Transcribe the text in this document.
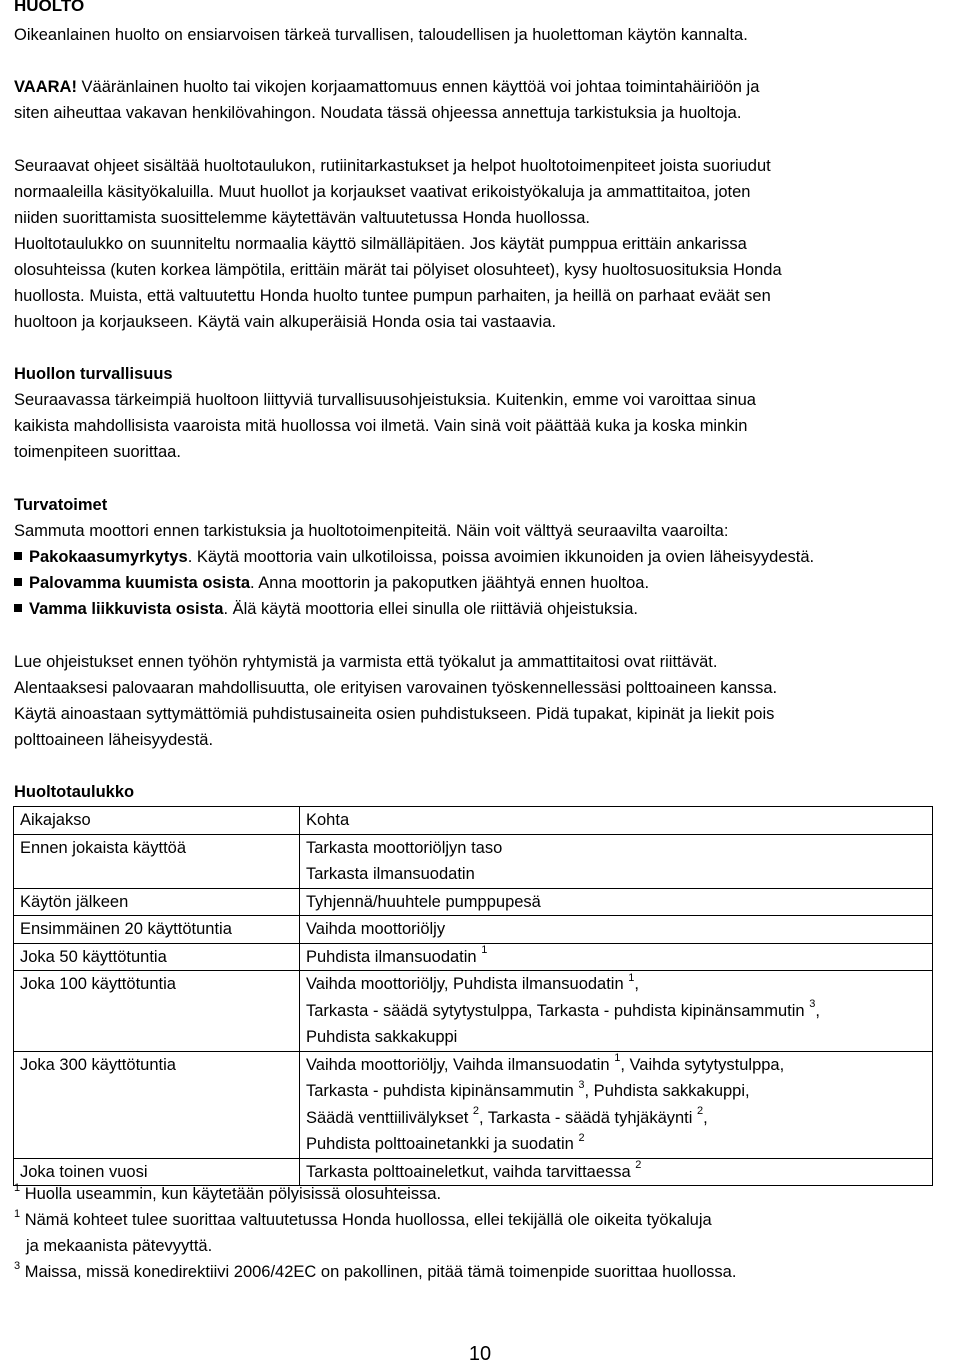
HUOLTO

Oikeanlainen huolto on ensiarvoisen tärkeä turvallisen, taloudellisen ja huolettoman käytön kannalta.

VAARA! Vääränlainen huolto tai vikojen korjaamattomuus ennen käyttöä voi johtaa toimintahäiriöön ja

siten aiheuttaa vakavan henkilövahingon. Noudata tässä ohjeessa annettuja tarkistuksia ja huoltoja.

Seuraavat ohjeet sisältää huoltotaulukon, rutiinitarkastukset ja helpot huoltotoimenpiteet joista suoriudut

normaaleilla käsityökaluilla. Muut huollot ja korjaukset vaativat erikoistyökaluja ja ammattitaitoa, joten

niiden suorittamista suosittelemme käytettävän valtuutetussa Honda huollossa.

Huoltotaulukko on suunniteltu normaalia käyttö silmälläpitäen. Jos käytät pumppua erittäin ankarissa

olosuhteissa (kuten korkea lämpötila, erittäin märät tai pölyiset olosuhteet), kysy huoltosuosituksia Honda

huollosta. Muista, että valtuutettu Honda huolto tuntee pumpun parhaiten, ja heillä on parhaat eväät sen

huoltoon ja korjaukseen. Käytä vain alkuperäisiä Honda osia tai vastaavia.

Huollon turvallisuus

Seuraavassa tärkeimpiä huoltoon liittyviä turvallisuusohjeistuksia. Kuitenkin, emme voi varoittaa sinua

kaikista mahdollisista vaaroista mitä huollossa voi ilmetä. Vain sinä voit päättää kuka ja koska minkin

toimenpiteen suorittaa.

Turvatoimet

Sammuta moottori ennen tarkistuksia ja huoltotoimenpiteitä. Näin voit välttyä seuraavilta vaaroilta:

Pakokaasumyrkytys. Käytä moottoria vain ulkotiloissa, poissa avoimien ikkunoiden ja ovien läheisyydestä.
Palovamma kuumista osista. Anna moottorin ja pakoputken jäähtyä ennen huoltoa.
Vamma liikkuvista osista. Älä käytä moottoria ellei sinulla ole riittäviä ohjeistuksia.

Lue ohjeistukset ennen työhön ryhtymistä ja varmista että työkalut ja ammattitaitosi ovat riittävät.

Alentaaksesi palovaaran mahdollisuutta, ole erityisen varovainen työskennellessäsi polttoaineen kanssa.

Käytä ainoastaan syttymättömiä puhdistusaineita osien puhdistukseen. Pidä tupakat, kipinät ja liekit pois

polttoaineen läheisyydestä.

Huoltotaulukko

Aikajakso	Kohta
Ennen jokaista käyttöä	Tarkasta moottoriöljyn taso
Tarkasta ilmansuodatin

Käytön jälkeen	Tyhjennä/huuhtele pumppupesä

Ensimmäinen 20 käyttötuntia	Vaihda moottoriöljy

Joka 50 käyttötuntia	Puhdista ilmansuodatin $^1$

Joka 100 käyttötuntia	Vaihda moottoriöljy, Puhdista ilmansuodatin $^1$,
Tarkasta - säädä sytytystulppa, Tarkasta - puhdista kipinänsammutin $^3$,
Puhdista sakkakuppi

Joka 300 käyttötuntia	Vaihda moottoriöljy, Vaihda ilmansuodatin $^1$, Vaihda sytytystulppa,
Tarkasta - puhdista kipinänsammutin $^3$, Puhdista sakkakuppi,
Säädä venttiilivälykset $^2$, Tarkasta - säädä tyhjäkäynti $^2$,
Puhdista polttoainetankki ja suodatin $^2$

Joka toinen vuosi	Tarkasta polttoaineletkut, vaihda tarvittaessa $^2$

$^1$ Huolla useammin, kun käytetään pölyisissä olosuhteissa.

$^1$ Nämä kohteet tulee suorittaa valtuutetussa Honda huollossa, ellei tekijällä ole oikeita työkaluja

ja mekaanista pätevyyttä.

$^3$ Maissa, missä konedirektiivi 2006/42EC on pakollinen, pitää tämä toimenpide suorittaa huollossa.

10
